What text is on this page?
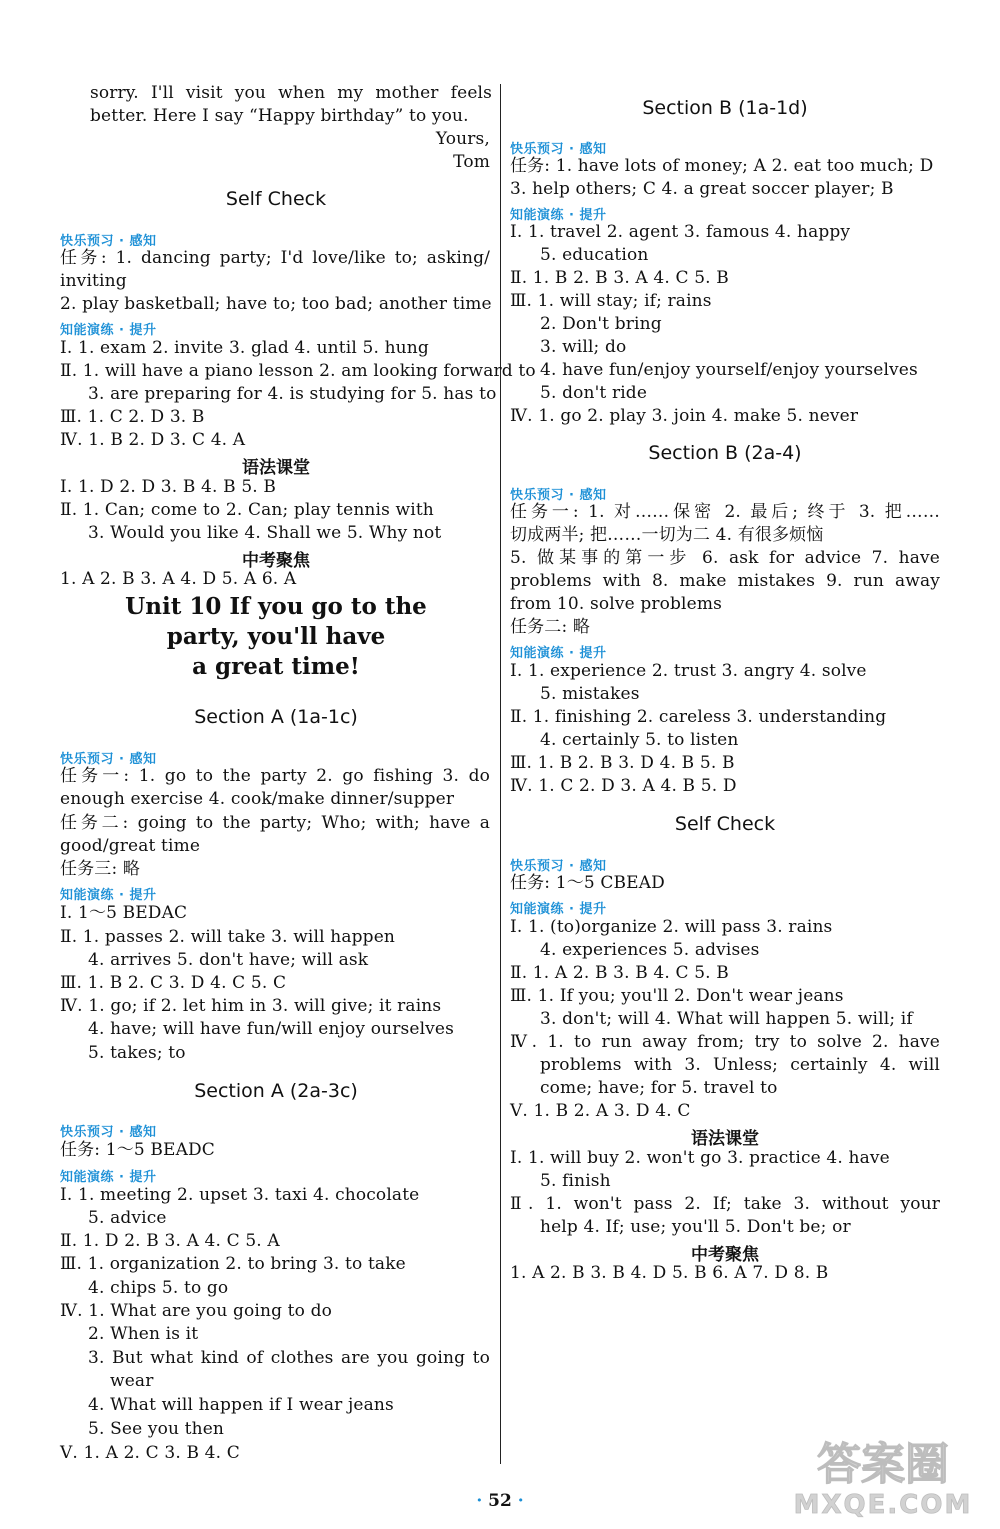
sorry. I'll visit you when my mother feels
better. Here I say “Happy birthday” to you.
Yours,
Tom
Self Check
快乐预习 · 感知
任务: 1. dancing party; I'd love/like to; asking/
inviting
2. play basketball; have to; too bad; another time
知能演练 · 提升
Ⅰ. 1. exam 2. invite 3. glad 4. until 5. hung
Ⅱ. 1. will have a piano lesson 2. am looking forward to
3. are preparing for 4. is studying for 5. has to
Ⅲ. 1. C 2. D 3. B
Ⅳ. 1. B 2. D 3. C 4. A
语法课堂
Ⅰ. 1. D 2. D 3. B 4. B 5. B
Ⅱ. 1. Can; come to 2. Can; play tennis with
3. Would you like 4. Shall we 5. Why not
中考聚焦
1. A 2. B 3. A 4. D 5. A 6. A
Unit 10 If you go to the
party, you'll have
a great time!
Section A (1a-1c)
快乐预习 · 感知
任务一: 1. go to the party 2. go fishing 3. do
enough exercise 4. cook/make dinner/supper
任务二: going to the party; Who; with; have a
good/great time
任务三: 略
知能演练 · 提升
Ⅰ. 1～5 BEDAC
Ⅱ. 1. passes 2. will take 3. will happen
4. arrives 5. don't have; will ask
Ⅲ. 1. B 2. C 3. D 4. C 5. C
Ⅳ. 1. go; if 2. let him in 3. will give; it rains
4. have; will have fun/will enjoy ourselves
5. takes; to
Section A (2a-3c)
快乐预习 · 感知
任务: 1～5 BEADC
知能演练 · 提升
Ⅰ. 1. meeting 2. upset 3. taxi 4. chocolate
5. advice
Ⅱ. 1. D 2. B 3. A 4. C 5. A
Ⅲ. 1. organization 2. to bring 3. to take
4. chips 5. to go
Ⅳ. 1. What are you going to do
2. When is it
3. But what kind of clothes are you going to
wear
4. What will happen if I wear jeans
5. See you then
Ⅴ. 1. A 2. C 3. B 4. C
Section B (1a-1d)
快乐预习 · 感知
任务: 1. have lots of money; A 2. eat too much; D
3. help others; C 4. a great soccer player; B
知能演练 · 提升
Ⅰ. 1. travel 2. agent 3. famous 4. happy
5. education
Ⅱ. 1. B 2. B 3. A 4. C 5. B
Ⅲ. 1. will stay; if; rains
2. Don't bring
3. will; do
4. have fun/enjoy yourself/enjoy yourselves
5. don't ride
Ⅳ. 1. go 2. play 3. join 4. make 5. never
Section B (2a-4)
快乐预习 · 感知
任务一: 1. 对……保密 2. 最后; 终于 3. 把……
切成两半; 把……一切为二 4. 有很多烦恼
5. 做某事的第一步 6. ask for advice 7. have
problems with 8. make mistakes 9. run away
from 10. solve problems
任务二: 略
知能演练 · 提升
Ⅰ. 1. experience 2. trust 3. angry 4. solve
5. mistakes
Ⅱ. 1. finishing 2. careless 3. understanding
4. certainly 5. to listen
Ⅲ. 1. B 2. B 3. D 4. B 5. B
Ⅳ. 1. C 2. D 3. A 4. B 5. D
Self Check
快乐预习 · 感知
任务: 1～5 CBEAD
知能演练 · 提升
Ⅰ. 1. (to)organize 2. will pass 3. rains
4. experiences 5. advises
Ⅱ. 1. A 2. B 3. B 4. C 5. B
Ⅲ. 1. If you; you'll 2. Don't wear jeans
3. don't; will 4. What will happen 5. will; if
Ⅳ. 1. to run away from; try to solve 2. have
problems with 3. Unless; certainly 4. will
come; have; for 5. travel to
Ⅴ. 1. B 2. A 3. D 4. C
语法课堂
Ⅰ. 1. will buy 2. won't go 3. practice 4. have
5. finish
Ⅱ. 1. won't pass 2. If; take 3. without your
help 4. If; use; you'll 5. Don't be; or
中考聚焦
1. A 2. B 3. B 4. D 5. B 6. A 7. D 8. B
· 52 ·
答案圈
MXQE.COM
